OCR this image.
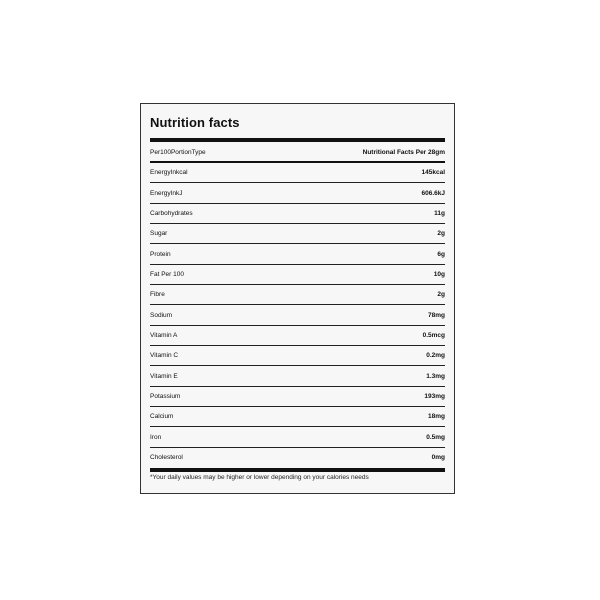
Nutrition facts
Per100PortionType	Nutritional Facts Per 28gm
EnergyInkcal	145kcal
EnergyInkJ	606.6kJ
Carbohydrates	11g
Sugar	2g
Protein	6g
Fat Per 100	10g
Fibre	2g
Sodium	78mg
Vitamin A	0.5mcg
Vitamin C	0.2mg
Vitamin E	1.3mg
Potassium	193mg
Calcium	18mg
Iron	0.5mg
Cholesterol	0mg
*Your daily values may be higher or lower depending on your calories needs
